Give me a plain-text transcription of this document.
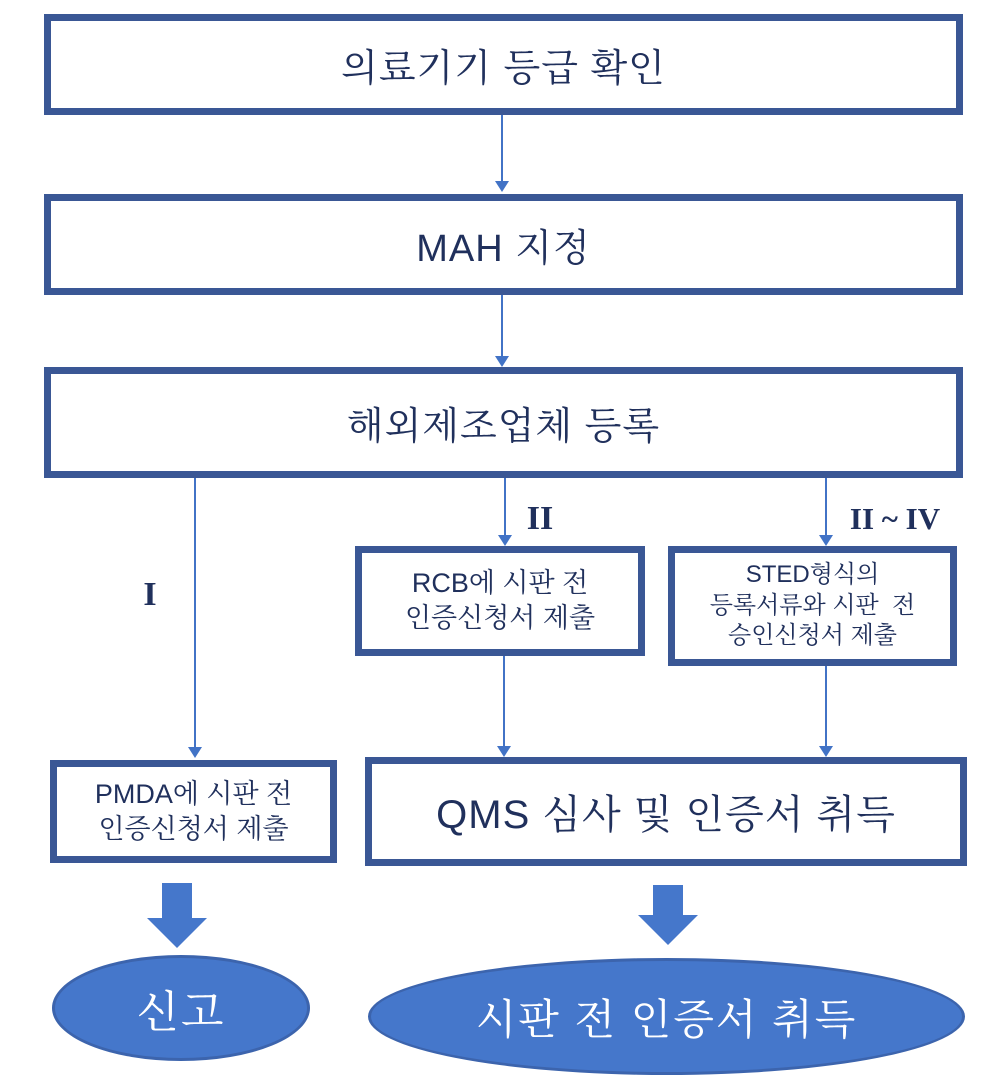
의료기기 등급 확인
MAH 지정
해외제조업체 등록
I
II	II ~ IV
RCB에 시판 전
인증신청서 제출
STED형식의
등록서류와 시판  전
승인신청서 제출
PMDA에 시판 전
인증신청서 제출	QMS 심사 및 인증서 취득
신고	시판 전 인증서 취득
